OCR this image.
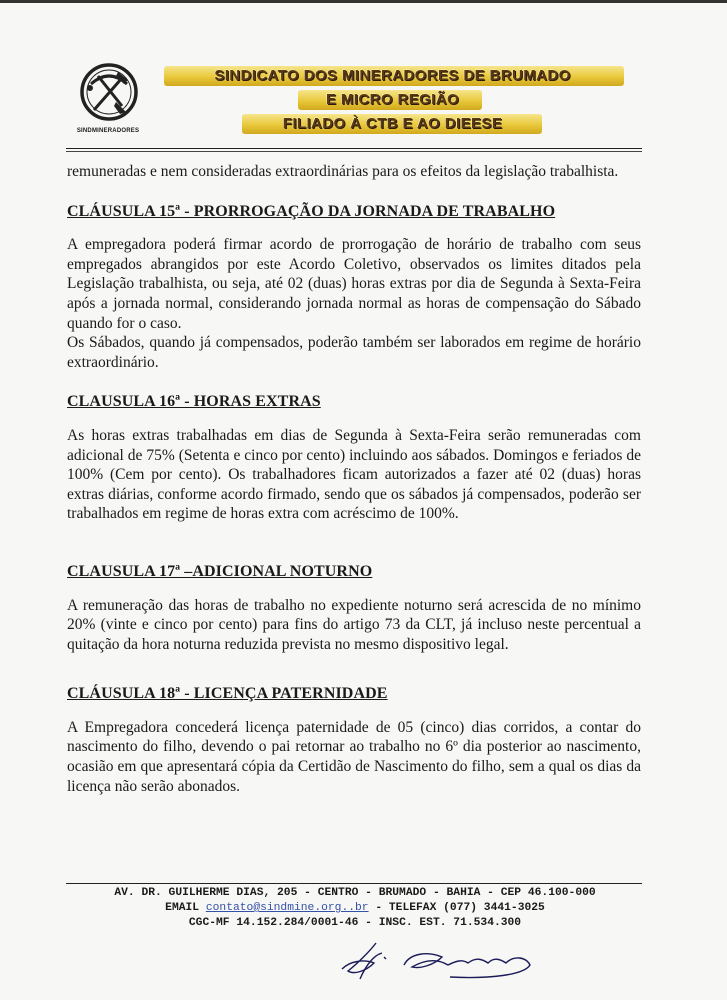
SINDMINERADORES
SINDICATO DOS MINERADORES DE BRUMADO
E MICRO REGIÃO
FILIADO À CTB E AO DIEESE

remuneradas e nem consideradas extraordinárias para os efeitos da legislação trabalhista.

CLÁUSULA 15ª - PRORROGAÇÃO DA JORNADA DE TRABALHO

A empregadora poderá firmar acordo de prorrogação de horário de trabalho com seus empregados abrangidos por este Acordo Coletivo, observados os limites ditados pela Legislação trabalhista, ou seja, até 02 (duas) horas extras por dia de Segunda à Sexta-Feira após a jornada normal, considerando jornada normal as horas de compensação do Sábado quando for o caso.

Os Sábados, quando já compensados, poderão também ser laborados em regime de horário extraordinário.

CLAUSULA 16ª - HORAS EXTRAS

As horas extras trabalhadas em dias de Segunda à Sexta-Feira serão remuneradas com adicional de 75% (Setenta e cinco por cento) incluindo aos sábados. Domingos e feriados de 100% (Cem por cento). Os trabalhadores ficam autorizados a fazer até 02 (duas) horas extras diárias, conforme acordo firmado, sendo que os sábados já compensados, poderão ser trabalhados em regime de horas extra com acréscimo de 100%.

CLAUSULA 17ª –ADICIONAL NOTURNO

A remuneração das horas de trabalho no expediente noturno será acrescida de no mínimo 20% (vinte e cinco por cento) para fins do artigo 73 da CLT, já incluso neste percentual a quitação da hora noturna reduzida prevista no mesmo dispositivo legal.

CLÁUSULA 18ª - LICENÇA PATERNIDADE

A Empregadora concederá licença paternidade de 05 (cinco) dias corridos, a contar do nascimento do filho, devendo o pai retornar ao trabalho no 6º dia posterior ao nascimento, ocasião em que apresentará cópia da Certidão de Nascimento do filho, sem a qual os dias da licença não serão abonados.

AV. DR. GUILHERME DIAS, 205 - CENTRO - BRUMADO - BAHIA - CEP 46.100-000
EMAIL contato@sindmine.org..br - TELEFAX (077) 3441-3025
CGC-MF 14.152.284/0001-46 - INSC. EST. 71.534.300
